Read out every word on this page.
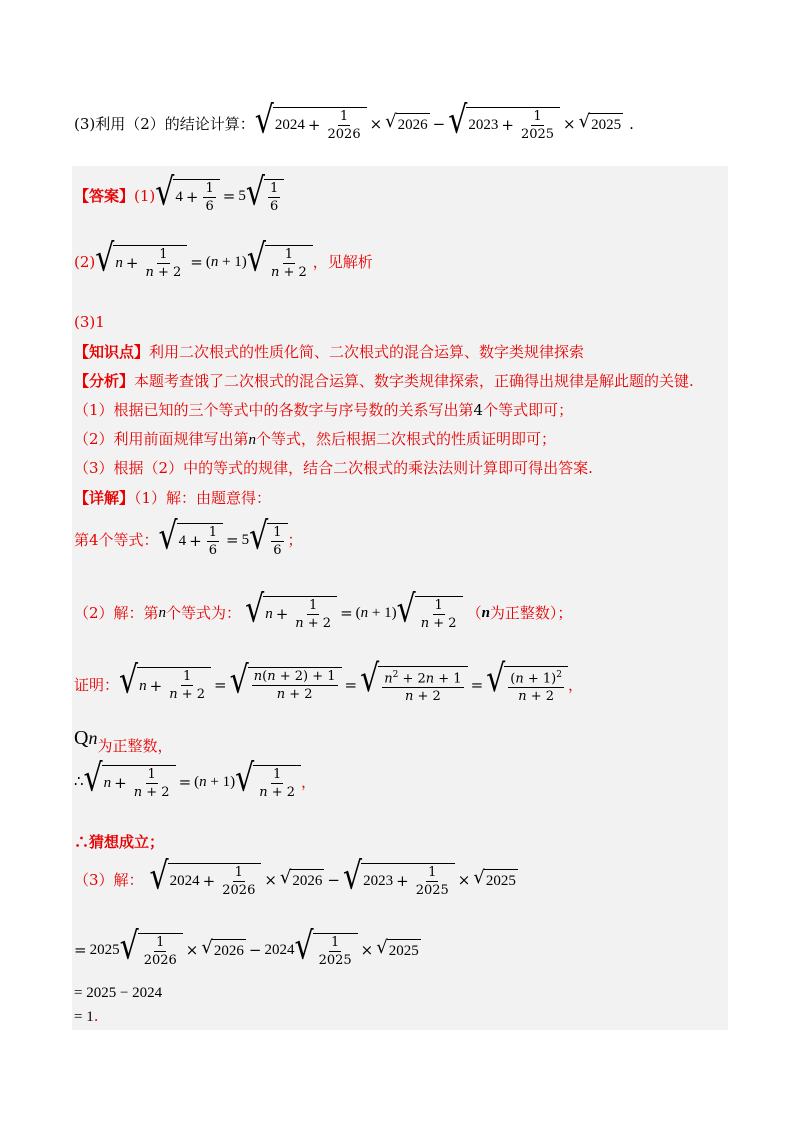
(3)利用（2）的结论计算： √ $2024 + \frac{1}{2026}$ × √ 2026 − √ $2023 + \frac{1}{2025}$ × √ 2025 .
【答案】 (1) √ $4 + \frac{1}{6} = 5$ √ $\frac{1}{6}$
(2) √ $n + \frac{1}{n + 2} = (n + 1)$ √ $\frac{1}{n + 2}$ ，见解析
(3)1
【知识点】利用二次根式的性质化简、二次根式的混合运算、数字类规律探索
【分析】本题考查饿了二次根式的混合运算、数字类规律探索，正确得出规律是解此题的关键.
（1）根据已知的三个等式中的各数字与序号数的关系写出第4个等式即可；
（2）利用前面规律写出第n个等式，然后根据二次根式的性质证明即可；
（3）根据（2）中的等式的规律，结合二次根式的乘法法则计算即可得出答案.
【详解】（1）解：由题意得：
第4个等式： √ $4 + \frac{1}{6} = 5$ √ $\frac{1}{6}$ ；
（2）解：第 n 个等式为： √ $n + \frac{1}{n + 2} = (n + 1)$ √ $\frac{1}{n + 2}$ （ n 为正整数）；
证明： √ $n + \frac{1}{n + 2}$ = √ $\frac{n(n + 2) + 1}{n + 2}$ = √ $\frac{n^2 + 2n + 1}{n + 2}$ = √ $\frac{(n + 1)^2}{n + 2}$ ，
Q n 为正整数，
∴ √ $n + \frac{1}{n + 2} = (n + 1)$ √ $\frac{1}{n + 2}$ ，
∴猜想成立；
（3）解： √ $2024 + \frac{1}{2026}$ × √ 2026 − √ $2023 + \frac{1}{2025}$ × √ 2025
= 2025 √ $\frac{1}{2026}$ × √ 2026 − 2024 √ $\frac{1}{2025}$ × √ 2025
= 2025 − 2024
= 1.
